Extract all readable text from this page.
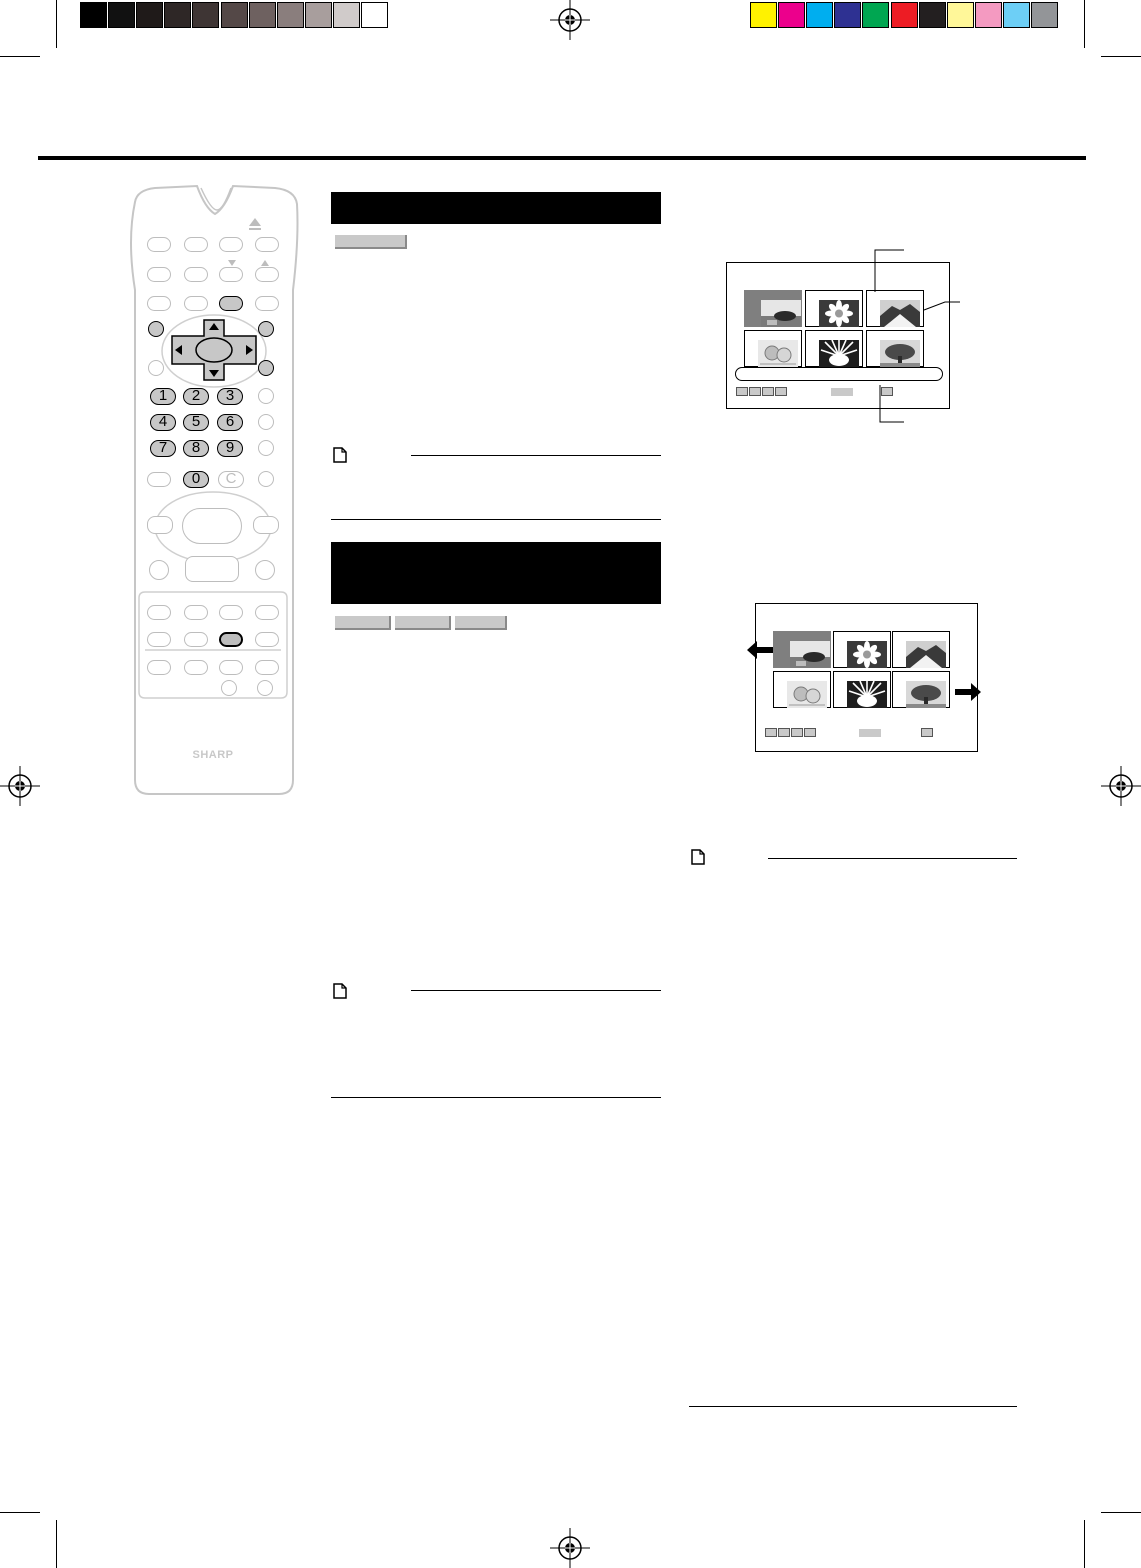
1	2	3
4	5	6
7	8	9
0	C
SHARP
